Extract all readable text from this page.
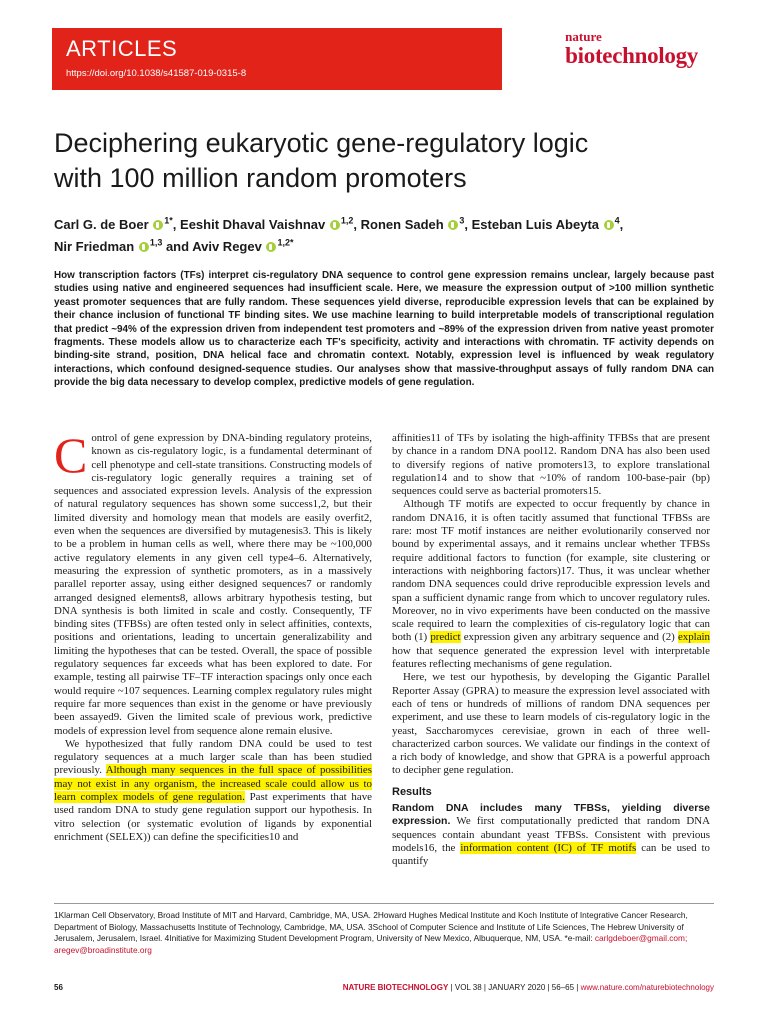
ARTICLES
https://doi.org/10.1038/s41587-019-0315-8
nature
biotechnology
Deciphering eukaryotic gene-regulatory logic
with 100 million random promoters
Carl G. de Boer $^{1*}$, Eeshit Dhaval Vaishnav $^{1,2}$, Ronen Sadeh $^3$, Esteban Luis Abeyta $^4$,
Nir Friedman $^{1,3}$ and Aviv Regev $^{1,2*}$
How transcription factors (TFs) interpret cis-regulatory DNA sequence to control gene expression remains unclear, largely because past studies using native and engineered sequences had insufficient scale. Here, we measure the expression output of >100 million synthetic yeast promoter sequences that are fully random. These sequences yield diverse, reproducible expression levels that can be explained by their chance inclusion of functional TF binding sites. We use machine learning to build interpretable models of transcriptional regulation that predict ~94% of the expression driven from independent test promoters and ~89% of the expression driven from native yeast promoter fragments. These models allow us to characterize each TF's specificity, activity and interactions with chromatin. TF activity depends on binding-site strand, position, DNA helical face and chromatin context. Notably, expression level is influenced by weak regulatory interactions, which confound designed-sequence studies. Our analyses show that massive-throughput assays of fully random DNA can provide the big data necessary to develop complex, predictive models of gene regulation.

Control of gene expression by DNA-binding regulatory proteins, known as cis-regulatory logic, is a fundamental determinant of cell phenotype and cell-state transitions. Constructing models of cis-regulatory logic generally requires a training set of sequences and associated expression levels. Analysis of the expression of natural regulatory sequences has shown some success1,2, but their limited diversity and homology mean that models are easily overfit2, even when the sequences are diversified by mutagenesis3. This is likely to be a problem in human cells as well, where there may be ~100,000 active regulatory elements in any given cell type4–6. Alternatively, measuring the expression of synthetic promoters, as in a massively parallel reporter assay, using either designed sequences7 or randomly arranged designed elements8, allows arbitrary hypothesis testing, but DNA synthesis is both limited in scale and costly. Consequently, TF binding sites (TFBSs) are often tested only in select affinities, contexts, positions and orientations, leading to uncertain generalizability and limiting the hypotheses that can be tested. Overall, the space of possible regulatory sequences far exceeds what has been explored to date. For example, testing all pairwise TF–TF interaction spacings only once each would require ~107 sequences. Learning complex regulatory rules might require far more sequences than exist in the genome or have previously been assayed9. Given the limited scale of previous work, predictive models of expression level from sequence alone remain elusive.

We hypothesized that fully random DNA could be used to test regulatory sequences at a much larger scale than has been studied previously. Although many sequences in the full space of possibilities may not exist in any organism, the increased scale could allow us to learn complex models of gene regulation. Past experiments that have used random DNA to study gene regulation support our hypothesis. In vitro selection (or systematic evolution of ligands by exponential enrichment (SELEX)) can define the specificities10 and

affinities11 of TFs by isolating the high-affinity TFBSs that are present by chance in a random DNA pool12. Random DNA has also been used to diversify regions of native promoters13, to explore translational regulation14 and to show that ~10% of random 100-base-pair (bp) sequences could serve as bacterial promoters15.

Although TF motifs are expected to occur frequently by chance in random DNA16, it is often tacitly assumed that functional TFBSs are rare: most TF motif instances are neither evolutionarily conserved nor bound by experimental assays, and it remains unclear whether TFBSs require additional factors to function (for example, site clustering or interactions with neighboring factors)17. Thus, it was unclear whether random DNA sequences could drive reproducible expression levels and span a sufficient dynamic range from which to uncover regulatory rules. Moreover, no in vivo experiments have been conducted on the massive scale required to learn the complexities of cis-regulatory logic that can both (1) predict expression given any arbitrary sequence and (2) explain how that sequence generated the expression level with interpretable features reflecting mechanisms of gene regulation.

Here, we test our hypothesis, by developing the Gigantic Parallel Reporter Assay (GPRA) to measure the expression level associated with each of tens or hundreds of millions of random DNA sequences per experiment, and use these to learn models of cis-regulatory logic in the yeast, Saccharomyces cerevisiae, grown in each of three well-characterized carbon sources. We validate our findings in the context of a rich body of knowledge, and show that GPRA is a powerful approach to decipher gene regulation.

Results

Random DNA includes many TFBSs, yielding diverse expression. We first computationally predicted that random DNA sequences contain abundant yeast TFBSs. Consistent with previous models16, the information content (IC) of TF motifs can be used to quantify

1Klarman Cell Observatory, Broad Institute of MIT and Harvard, Cambridge, MA, USA. 2Howard Hughes Medical Institute and Koch Institute of Integrative Cancer Research, Department of Biology, Massachusetts Institute of Technology, Cambridge, MA, USA. 3School of Computer Science and Institute of Life Sciences, The Hebrew University of Jerusalem, Jerusalem, Israel. 4Initiative for Maximizing Student Development Program, University of New Mexico, Albuquerque, NM, USA. *e-mail: carlgdeboer@gmail.com; aregev@broadinstitute.org
56	NATURE BIOTECHNOLOGY | VOL 38 | JANUARY 2020 | 56–65 | www.nature.com/naturebiotechnology
